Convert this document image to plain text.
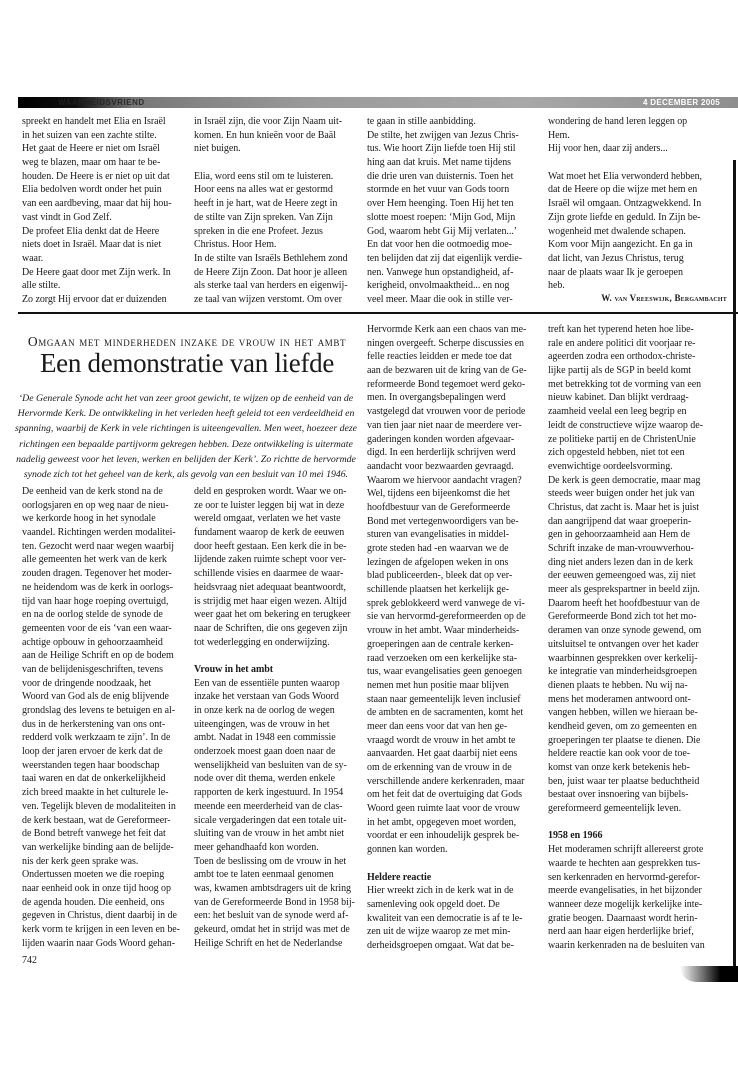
WAARHEIDSVRIEND	4 DECEMBER 2005
spreekt en handelt met Elia en Israël
in het suizen van een zachte stilte.
Het gaat de Heere er niet om Israël
weg te blazen, maar om haar te be-
houden. De Heere is er niet op uit dat
Elia bedolven wordt onder het puin
van een aardbeving, maar dat hij hou-
vast vindt in God Zelf.
De profeet Elia denkt dat de Heere
niets doet in Israël. Maar dat is niet
waar.
De Heere gaat door met Zijn werk. In
alle stilte.
Zo zorgt Hij ervoor dat er duizenden
in Israël zijn, die voor Zijn Naam uit-
komen. En hun knieën voor de Baäl
niet buigen.
Elia, word eens stil om te luisteren.
Hoor eens na alles wat er gestormd
heeft in je hart, wat de Heere zegt in
de stilte van Zijn spreken. Van Zijn
spreken in die ene Profeet. Jezus
Christus. Hoor Hem.
In de stilte van Israëls Bethlehem zond
de Heere Zijn Zoon. Dat hoor je alleen
als sterke taal van herders en eigenwij-
ze taal van wijzen verstomt. Om over
te gaan in stille aanbidding.
De stilte, het zwijgen van Jezus Chris-
tus. Wie hoort Zijn liefde toen Hij stil
hing aan dat kruis. Met name tijdens
die drie uren van duisternis. Toen het
stormde en het vuur van Gods toorn
over Hem heenging. Toen Hij het ten
slotte moest roepen: ‘Mijn God, Mijn
God, waarom hebt Gij Mij verlaten...’
En dat voor hen die ootmoedig moe-
ten belijden dat zij dat eigenlijk verdie-
nen. Vanwege hun opstandigheid, af-
kerigheid, onvolmaaktheid... en nog
veel meer. Maar die ook in stille ver-
wondering de hand leren leggen op
Hem.
Hij voor hen, daar zij anders...
Wat moet het Elia verwonderd hebben,
dat de Heere op die wijze met hem en
Israël wil omgaan. Ontzagwekkend. In
Zijn grote liefde en geduld. In Zijn be-
wogenheid met dwalende schapen.
Kom voor Mijn aangezicht. En ga in
dat licht, van Jezus Christus, terug
naar de plaats waar Ik je geroepen
heb.
W. van Vreeswijk, Bergambacht
Omgaan met minderheden inzake de vrouw in het ambt
Een demonstratie van liefde
‘De Generale Synode acht het van zeer groot gewicht, te wijzen op de eenheid van de
Hervormde Kerk. De ontwikkeling in het verleden heeft geleid tot een verdeeldheid en
spanning, waarbij de Kerk in vele richtingen is uiteengevallen. Men weet, hoezeer deze
richtingen een bepaalde partijvorm gekregen hebben. Deze ontwikkeling is uitermate
nadelig geweest voor het leven, werken en belijden der Kerk’. Zo richtte de hervormde
synode zich tot het geheel van de kerk, als gevolg van een besluit van 10 mei 1946.
De eenheid van de kerk stond na de
oorlogsjaren en op weg naar de nieu-
we kerkorde hoog in het synodale
vaandel. Richtingen werden modalitei-
ten. Gezocht werd naar wegen waarbij
alle gemeenten het werk van de kerk
zouden dragen. Tegenover het moder-
ne heidendom was de kerk in oorlogs-
tijd van haar hoge roeping overtuigd,
en na de oorlog stelde de synode de
gemeenten voor de eis ‘van een waar-
achtige opbouw in gehoorzaamheid
aan de Heilige Schrift en op de bodem
van de belijdenisgeschriften, tevens
voor de dringende noodzaak, het
Woord van God als de enig blijvende
grondslag des levens te betuigen en al-
dus in de herkerstening van ons ont-
redderd volk werkzaam te zijn’. In de
loop der jaren ervoer de kerk dat de
weerstanden tegen haar boodschap
taai waren en dat de onkerkelijkheid
zich breed maakte in het culturele le-
ven. Tegelijk bleven de modaliteiten in
de kerk bestaan, wat de Gereformeer-
de Bond betreft vanwege het feit dat
van werkelijke binding aan de belijde-
nis der kerk geen sprake was.
Ondertussen moeten we die roeping
naar eenheid ook in onze tijd hoog op
de agenda houden. Die eenheid, ons
gegeven in Christus, dient daarbij in de
kerk vorm te krijgen in een leven en be-
lijden waarin naar Gods Woord gehan-
deld en gesproken wordt. Waar we on-
ze oor te luister leggen bij wat in deze
wereld omgaat, verlaten we het vaste
fundament waarop de kerk de eeuwen
door heeft gestaan. Een kerk die in be-
lijdende zaken ruimte schept voor ver-
schillende visies en daarmee de waar-
heidsvraag niet adequaat beantwoordt,
is strijdig met haar eigen wezen. Altijd
weer gaat het om bekering en terugkeer
naar de Schriften, die ons gegeven zijn
tot wederlegging en onderwijzing.
Vrouw in het ambt
Een van de essentiële punten waarop
inzake het verstaan van Gods Woord
in onze kerk na de oorlog de wegen
uiteengingen, was de vrouw in het
ambt. Nadat in 1948 een commissie
onderzoek moest gaan doen naar de
wenselijkheid van besluiten van de sy-
node over dit thema, werden enkele
rapporten de kerk ingestuurd. In 1954
meende een meerderheid van de clas-
sicale vergaderingen dat een totale uit-
sluiting van de vrouw in het ambt niet
meer gehandhaafd kon worden.
Toen de beslissing om de vrouw in het
ambt toe te laten eenmaal genomen
was, kwamen ambtsdragers uit de kring
van de Gereformeerde Bond in 1958 bij-
een: het besluit van de synode werd af-
gekeurd, omdat het in strijd was met de
Heilige Schrift en het de Nederlandse
Hervormde Kerk aan een chaos van me-
ningen overgeeft. Scherpe discussies en
felle reacties leidden er mede toe dat
aan de bezwaren uit de kring van de Ge-
reformeerde Bond tegemoet werd geko-
men. In overgangsbepalingen werd
vastgelegd dat vrouwen voor de periode
van tien jaar niet naar de meerdere ver-
gaderingen konden worden afgevaar-
digd. In een herderlijk schrijven werd
aandacht voor bezwaarden gevraagd.
Waarom we hiervoor aandacht vragen?
Wel, tijdens een bijeenkomst die het
hoofdbestuur van de Gereformeerde
Bond met vertegenwoordigers van be-
sturen van evangelisaties in middel-
grote steden had -en waarvan we de
lezingen de afgelopen weken in ons
blad publiceerden-, bleek dat op ver-
schillende plaatsen het kerkelijk ge-
sprek geblokkeerd werd vanwege de vi-
sie van hervormd-gereformeerden op de
vrouw in het ambt. Waar minderheids-
groeperingen aan de centrale kerken-
raad verzoeken om een kerkelijke sta-
tus, waar evangelisaties geen genoegen
nemen met hun positie maar blijven
staan naar gemeentelijk leven inclusief
de ambten en de sacramenten, komt het
meer dan eens voor dat van hen ge-
vraagd wordt de vrouw in het ambt te
aanvaarden. Het gaat daarbij niet eens
om de erkenning van de vrouw in de
verschillende andere kerkenraden, maar
om het feit dat de overtuiging dat Gods
Woord geen ruimte laat voor de vrouw
in het ambt, opgegeven moet worden,
voordat er een inhoudelijk gesprek be-
gonnen kan worden.
Heldere reactie
Hier wreekt zich in de kerk wat in de
samenleving ook opgeld doet. De
kwaliteit van een democratie is af te le-
zen uit de wijze waarop ze met min-
derheidsgroepen omgaat. Wat dat be-
treft kan het typerend heten hoe libe-
rale en andere politici dit voorjaar re-
ageerden zodra een orthodox-christe-
lijke partij als de SGP in beeld komt
met betrekking tot de vorming van een
nieuw kabinet. Dan blijkt verdraag-
zaamheid veelal een leeg begrip en
leidt de constructieve wijze waarop de-
ze politieke partij en de ChristenUnie
zich opgesteld hebben, niet tot een
evenwichtige oordeelsvorming.
De kerk is geen democratie, maar mag
steeds weer buigen onder het juk van
Christus, dat zacht is. Maar het is juist
dan aangrijpend dat waar groeperin-
gen in gehoorzaamheid aan Hem de
Schrift inzake de man-vrouwverhou-
ding niet anders lezen dan in de kerk
der eeuwen gemeengoed was, zij niet
meer als gesprekspartner in beeld zijn.
Daarom heeft het hoofdbestuur van de
Gereformeerde Bond zich tot het mo-
deramen van onze synode gewend, om
uitsluitsel te ontvangen over het kader
waarbinnen gesprekken over kerkelij-
ke integratie van minderheidsgroepen
dienen plaats te hebben. Nu wij na-
mens het moderamen antwoord ont-
vangen hebben, willen we hieraan be-
kendheid geven, om zo gemeenten en
groeperingen ter plaatse te dienen. Die
heldere reactie kan ook voor de toe-
komst van onze kerk betekenis heb-
ben, juist waar ter plaatse beduchtheid
bestaat over insnoering van bijbels-
gereformeerd gemeentelijk leven.
1958 en 1966
Het moderamen schrijft allereerst grote
waarde te hechten aan gesprekken tus-
sen kerkenraden en hervormd-gerefor-
meerde evangelisaties, in het bijzonder
wanneer deze mogelijk kerkelijke inte-
gratie beogen. Daarnaast wordt herin-
nerd aan haar eigen herderlijke brief,
waarin kerkenraden na de besluiten van
742
